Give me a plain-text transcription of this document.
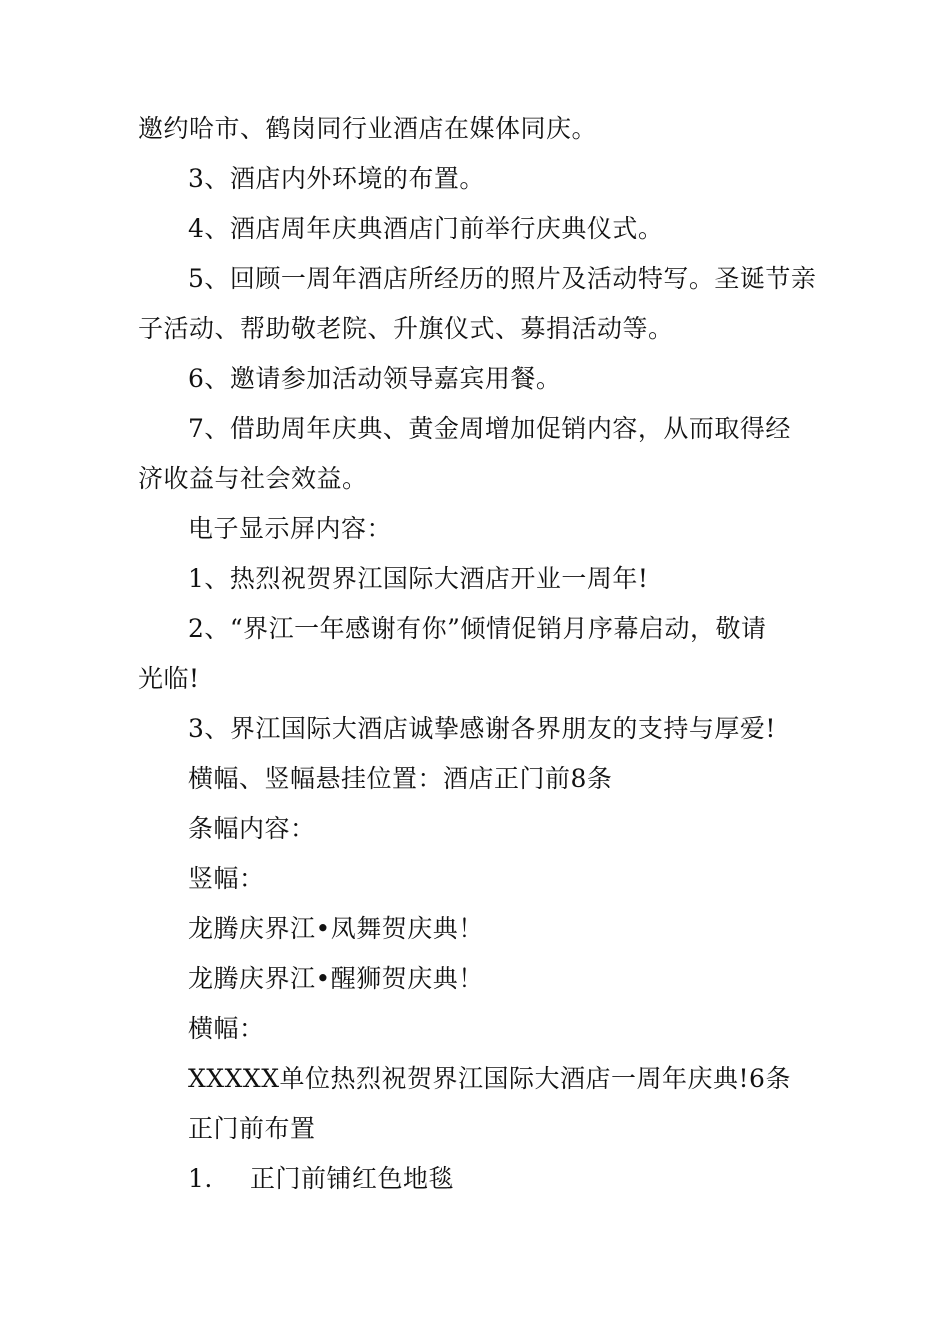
邀约哈市、鹤岗同行业酒店在媒体同庆。
3、酒店内外环境的布置。
4、酒店周年庆典酒店门前举行庆典仪式。
5、回顾一周年酒店所经历的照片及活动特写。圣诞节亲
子活动、帮助敬老院、升旗仪式、募捐活动等。
6、邀请参加活动领导嘉宾用餐。
7、借助周年庆典、黄金周增加促销内容，从而取得经
济收益与社会效益。
电子显示屏内容：
1、热烈祝贺界江国际大酒店开业一周年!
2、“界江一年感谢有你”倾情促销月序幕启动，敬请
光临!
3、界江国际大酒店诚挚感谢各界朋友的支持与厚爱!
横幅、竖幅悬挂位置：酒店正门前8条
条幅内容：
竖幅：
龙腾庆界江•凤舞贺庆典！
龙腾庆界江•醒狮贺庆典！
横幅：
XXXXX单位热烈祝贺界江国际大酒店一周年庆典!6条
正门前布置
1. 正门前铺红色地毯
